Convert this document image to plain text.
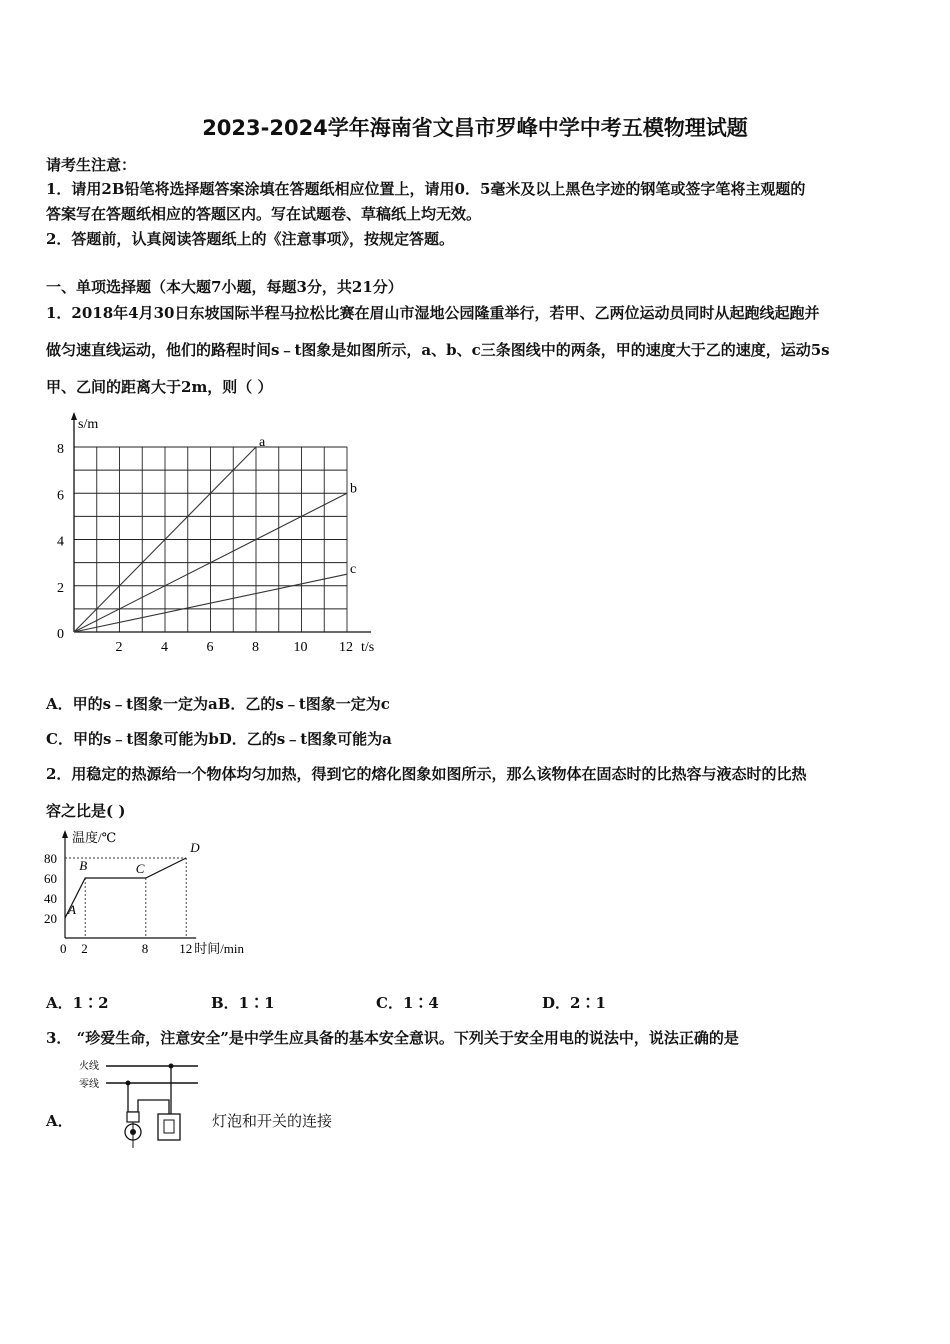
2023-2024学年海南省文昌市罗峰中学中考五模物理试题
请考生注意：
1．请用2B铅笔将选择题答案涂填在答题纸相应位置上，请用0．5毫米及以上黑色字迹的钢笔或签字笔将主观题的
答案写在答题纸相应的答题区内。写在试题卷、草稿纸上均无效。
2．答题前，认真阅读答题纸上的《注意事项》，按规定答题。
一、单项选择题（本大题7小题，每题3分，共21分）
1．2018年4月30日东坡国际半程马拉松比赛在眉山市湿地公园隆重举行，若甲、乙两位运动员同时从起跑线起跑并
做匀速直线运动，他们的路程时间s﹣t图象是如图所示，a、b、c三条图线中的两条，甲的速度大于乙的速度，运动5s
甲、乙间的距离大于2m，则（ ）
0
2
4
6
8
2	4	6	8 10 12
s/m
t/s
a
b
c
A．甲的s﹣t图象一定为aB．乙的s﹣t图象一定为c
C．甲的s﹣t图象可能为bD．乙的s﹣t图象可能为a
2．用稳定的热源给一个物体均匀加热，得到它的熔化图象如图所示，那么该物体在固态时的比热容与液态时的比热
容之比是( )
20
40
60
80
0 2	8 12
温度/℃
时间/min
A
B	C
D
A．1∶2	B．1∶1	C．1∶4	D．2∶1
3． “珍爱生命，注意安全”是中学生应具备的基本安全意识。下列关于安全用电的说法中，说法正确的是
A．
火线
零线
灯泡和开关的连接
